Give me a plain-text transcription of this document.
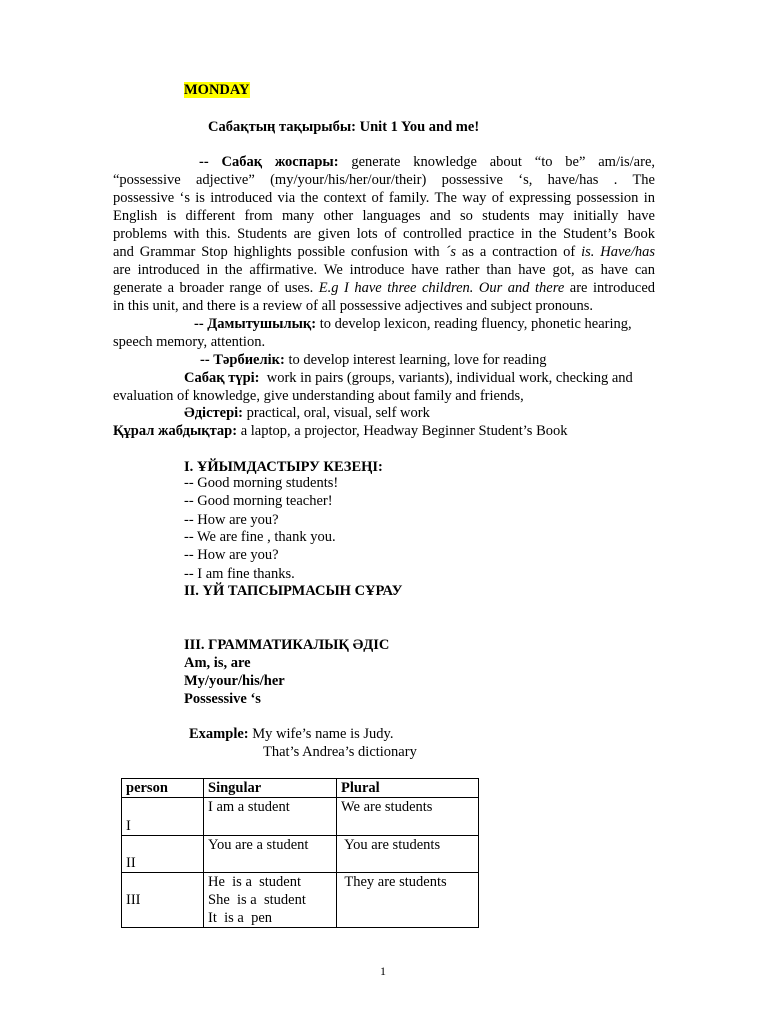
MONDAY
Сабақтың тақырыбы: Unit 1 You and me!
-- Сабақ жоспары: generate knowledge about “to be” am/is/are,
“possessive adjective” (my/your/his/her/our/their) possessive ‘s, have/has . The
possessive ‘s is introduced via the context of family. The way of expressing possession in
English is different from many other languages and so students may initially have
problems with this. Students are given lots of controlled practice in the Student’s Book
and Grammar Stop highlights possible confusion with ´s as a contraction of is. Have/has
are introduced in the affirmative. We introduce have rather than have got, as have can
generate a broader range of uses. E.g I have three children. Our and there are introduced
in this unit, and there is a review of all possessive adjectives and subject pronouns.
-- Дамытушылық: to develop lexicon, reading fluency, phonetic hearing,
speech memory, attention.
-- Тәрбиелік: to develop interest learning, love for reading
Сабақ түрі: work in pairs (groups, variants), individual work, checking and
evaluation of knowledge, give understanding about family and friends,
Әдістері: practical, oral, visual, self work
Құрал жабдықтар: a laptop, a projector, Headway Beginner Student’s Book
I. ҰЙЫМДАСТЫРУ КЕЗЕҢІ:
-- Good morning students!
-- Good morning teacher!
-- How are you?
-- We are fine , thank you.
-- How are you?
-- I am fine thanks.
II. ҮЙ ТАПСЫРМАСЫН СҰРАУ
III. ГРАММАТИКАЛЫҚ ӘДІС
Am, is, are
My/your/his/her
Possessive ‘s
Example: My wife’s name is Judy.
That’s Andrea’s dictionary
person	Singular	Plural
I	I am a student	We are students
II	You are a student	You are students
III	He  is a  student
She  is a  student
It  is a  pen	They are students
1
